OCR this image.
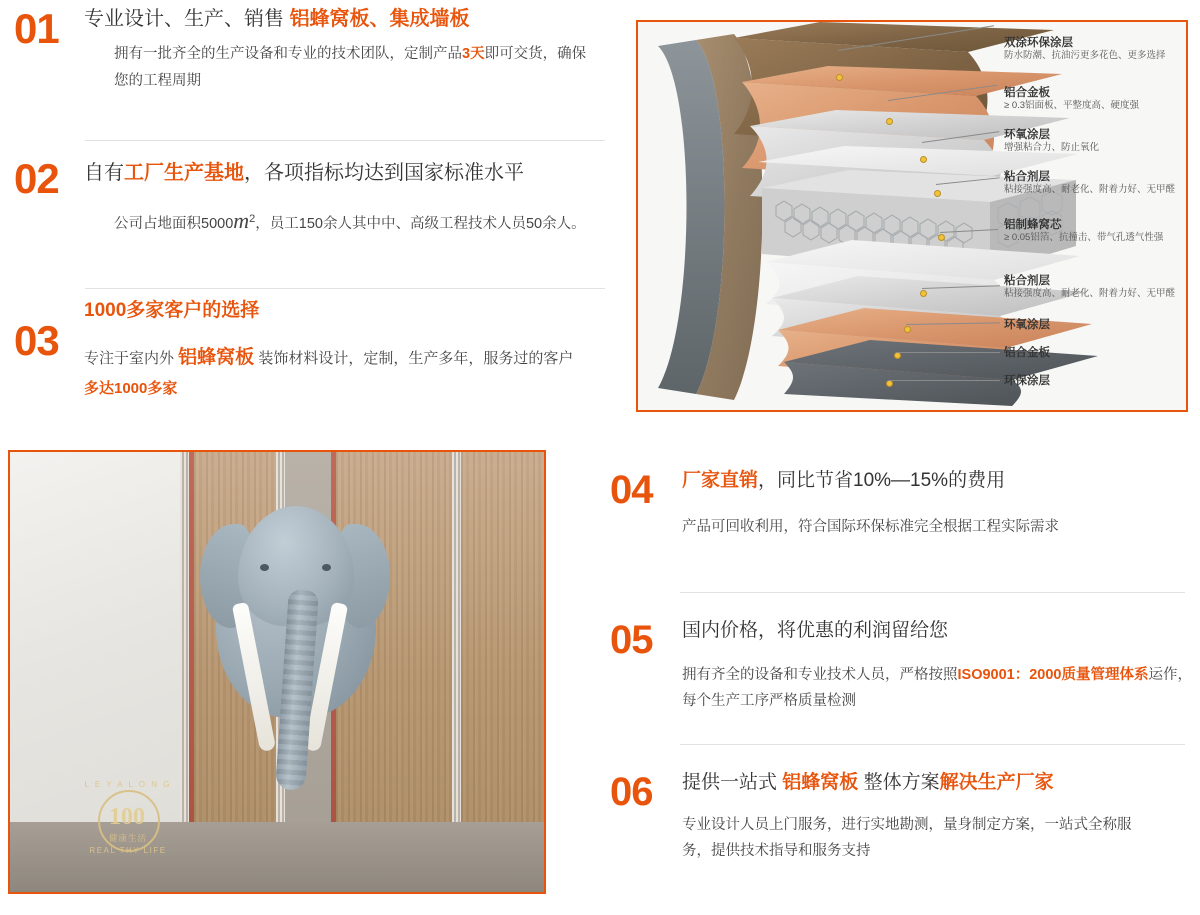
01 专业设计、生产、销售 铝蜂窝板、集成墙板
拥有一批齐全的生产设备和专业的技术团队，定制产品3天即可交货，确保您的工程周期
02 自有工厂生产基地，各项指标均达到国家标准水平
公司占地面积$5000m^2$，员工150余人其中中、高级工程技术人员50余人。
03
1000多家客户的选择
专注于室内外 铝蜂窝板 装饰材料设计，定制，生产多年，服务过的客户
多达1000多家
双涂环保涂层
防水防潮、抗油污更多花色、更多选择
铝合金板
≥ 0.3铝面板、平整度高、硬度强
环氧涂层
增强粘合力、防止氧化
粘合剂层
粘接强度高、耐老化、附着力好、无甲醛
铝制蜂窝芯
≥ 0.05铝箔、抗撞击、带气孔透气性强
粘合剂层
粘接强度高、耐老化、附着力好、无甲醛
环氧涂层
铝合金板
环保涂层
L E Y A L O N G
100
健康生活
REAL THY LIFE
04 厂家直销，同比节省10%—15%的费用
产品可回收利用，符合国际环保标准完全根据工程实际需求
05 国内价格，将优惠的利润留给您
拥有齐全的设备和专业技术人员，严格按照ISO9001：2000质量管理体系运作，每个生产工序严格质量检测
06 提供一站式 铝蜂窝板 整体方案解决生产厂家
专业设计人员上门服务，进行实地勘测，量身制定方案，一站式全称服
务，提供技术指导和服务支持
